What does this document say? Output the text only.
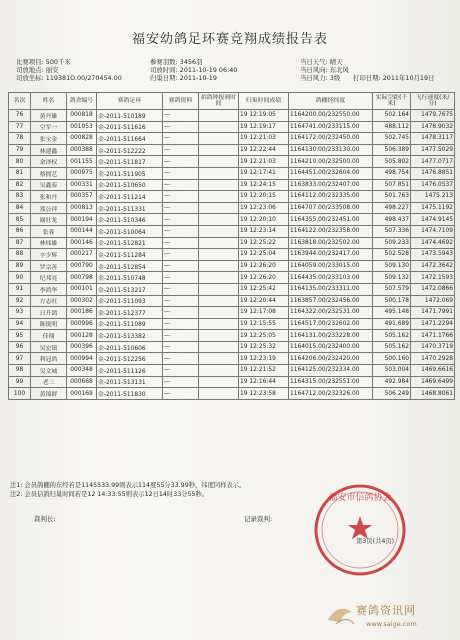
福安幼鸽足环赛竞翔成绩报告表
比赛项目: 500千米
司放地点: 丽安
司放坐标: 119381O.00/270454.00
参赛羽数: 3456羽
司放时间: 2011-10-19 06:40
归巢日期: 2011-10-19
当日天气: 晴天
当日风向: 东北风
当日风力: 3级　　打印日期: 2011年10月19日
名次	姓名	鸽舍编号	赛鸽足环	赛鸽资料	拍鸽钟报到时间	归巢时间成绩	鸽棚经纬度	实际空距(千米)	飞行速度(米/分)
76	黄丹雄	000818	金-2011-510189	---		19 12:19:05	1164200.00/232550.00	502.164	1479.7675
77	空军一	001053	金-2011-511616	---		19 12:19:17	1164741.00/233115.00	488.112	1478.9032
78	张宝金	000828	金-2011-511664	---		19 12:21:03	1164172.00/232450.00	502.745	1478.3117
79	林建鑫	000388	金-2011-512222	---		19 12:22:44	1164130.00/233130.00	506.389	1477.5029
80	余泽权	001155	金-2011-511817	---		19 12:21:03	1164210.00/232500.00	505.802	1477.0717
81	蔡拥艺	000975	金-2011-511905	---		19 12:17:41	1164451.00/232604.00	498.754	1476.8851
82	吴鑫泰	000331	金-2011-510650	---		19 12:24:15	1163833.00/232407.00	507.851	1476.0537
83	张和丹	000357	金-2011-511214	---		19 12:20:15	1164112.00/232335.00	501.763	1475.213
84	郑公祥	000813	金-2011-511331	---		19 12:23:06	1164707.00/233508.00	498.227	1475.1192
85	谢壮龙	000194	金-2011-510346	---		19 12:20:10	1164355.00/232451.00	498.437	1474.9145
86	张蓉	000144	金-2011-510064	---		19 12:23:14	1164122.00/232358.00	507.336	1474.7109
87	林炜雄	000146	金-2011-512821	---		19 12:25:22	1163818.00/232502.00	509.233	1474.4692
88	辛少辉	000217	金-2011-511284	---		19 12:25:04	1163944.00/232417.00	502.528	1473.5943
89	罗宗善	000790	金-2011-512854	---		19 12:26:20	1164059.00/233015.00	509.130	1472.3642
90	纪邦亮	000798	金-2011-510748	---		19 12:26:20	1164435.00/233103.00	509.132	1472.1593
91	李鸿华	000101	金-2011-513217	---		19 12:25:42	1164135.00/233311.00	507.579	1472.0866
92	方志旺	000302	金-2011-511093	---		19 12:20:44	1163857.00/232456.00	500.178	1472.069
93	日升鸽	000186	金-2011-512377	---		19 12:17:08	1164322.00/232531.00	495.148	1471.7991
94	陈锐明	000996	金-2011-511089	---		19 12:15:55	1164517.00/232602.00	491.689	1471.2294
95	佳翔	000128	金-2011-513382	---		19 12:25:05	1164131.00/233228.00	505.162	1471.1766
96	吴宏镇	000396	金-2011-510606	---		19 12:25:32	1164015.00/232400.00	505.162	1470.3719
97	利冠鸽	000994	金-2011-512256	---		19 12:23:19	1164206.00/232420.00	500.160	1470.2928
98	吴文城	000348	金-2011-511126	---		19 12:21:52	1164125.00/232334.00	503.004	1469.6616
99	老三	000668	金-2011-513131	---		19 12:16:44	1164315.00/232551.00	492.984	1469.6499
100	黄锦群	000169	金-2011-511830	---		19 12:23:58	1164712.00/232326.00	506.249	1468.8061
注1: 会员鸽棚的东经若是1145533.99则表示114度55分33.99秒，纬度同样表示。
注2: 会员信鸽归巢时间若是12 14:33:55则表示12日14时33分55秒。
裁判长:	记录裁判:
福安市信鸽协会
第3页(共4页)
赛鸽资讯网
www.saige.com
